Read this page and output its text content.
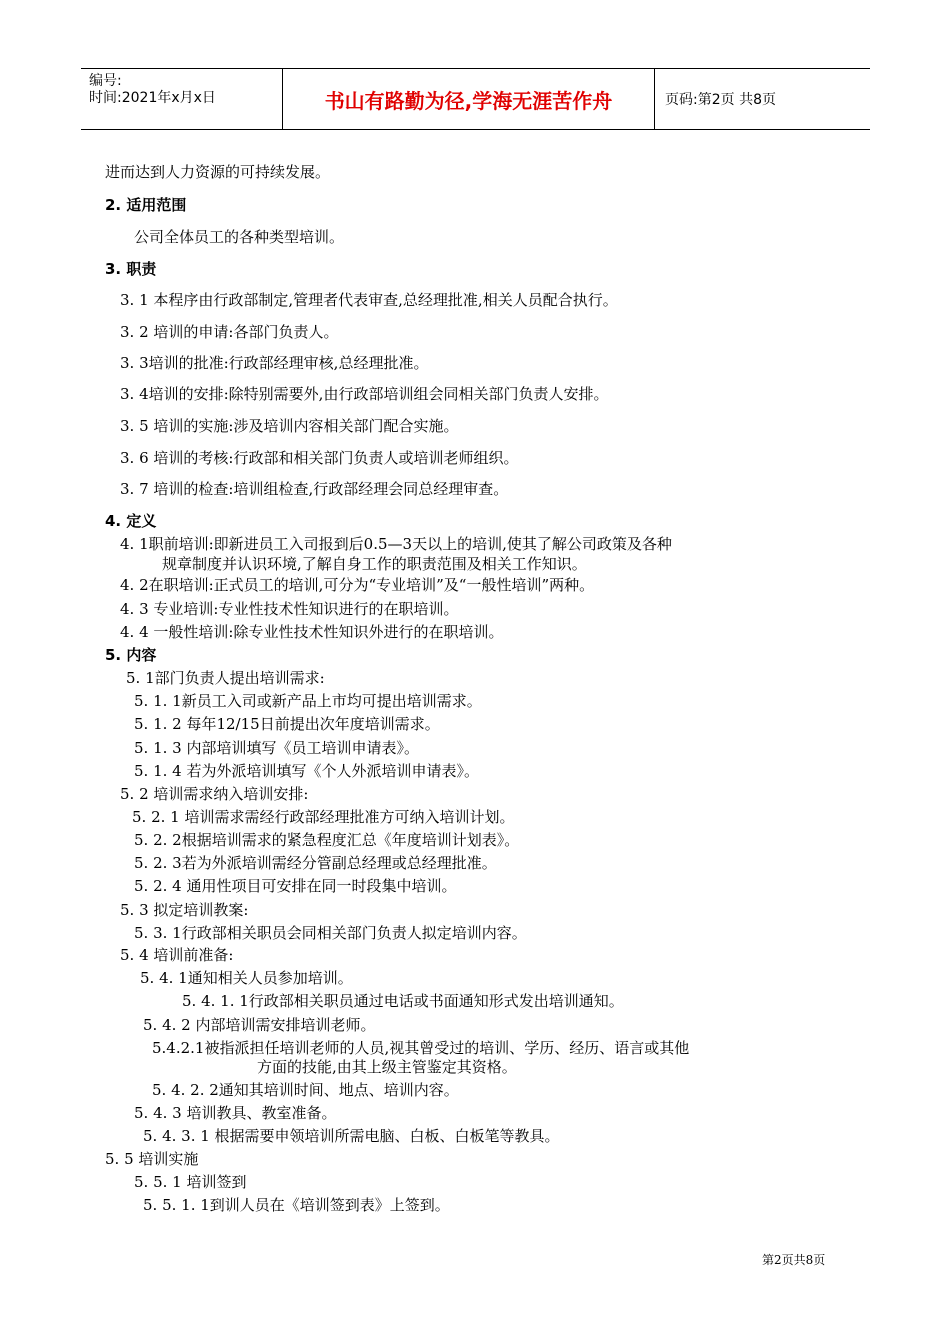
编号:
时间:2021年x月x日	书山有路勤为径,学海无涯苦作舟	页码:第2页 共8页
进而达到人力资源的可持续发展。
2. 适用范围
公司全体员工的各种类型培训。
3. 职责
3. 1 本程序由行政部制定,管理者代表审查,总经理批准,相关人员配合执行。
3. 2 培训的申请:各部门负责人。
3. 3培训的批准:行政部经理审核,总经理批准。
3. 4培训的安排:除特别需要外,由行政部培训组会同相关部门负责人安排。
3. 5 培训的实施:涉及培训内容相关部门配合实施。
3. 6 培训的考核:行政部和相关部门负责人或培训老师组织。
3. 7 培训的检查:培训组检查,行政部经理会同总经理审查。
4. 定义
4. 1职前培训:即新进员工入司报到后0.5—3天以上的培训,使其了解公司政策及各种
规章制度并认识环境,了解自身工作的职责范围及相关工作知识。
4. 2在职培训:正式员工的培训,可分为“专业培训”及“一般性培训”两种。
4. 3 专业培训:专业性技术性知识进行的在职培训。
4. 4 一般性培训:除专业性技术性知识外进行的在职培训。
5. 内容
5. 1部门负责人提出培训需求:
5. 1. 1新员工入司或新产品上市均可提出培训需求。
5. 1. 2 每年12/15日前提出次年度培训需求。
5. 1. 3 内部培训填写《员工培训申请表》。
5. 1. 4 若为外派培训填写《个人外派培训申请表》。
5. 2 培训需求纳入培训安排:
5. 2. 1 培训需求需经行政部经理批准方可纳入培训计划。
5. 2. 2根据培训需求的紧急程度汇总《年度培训计划表》。
5. 2. 3若为外派培训需经分管副总经理或总经理批准。
5. 2. 4 通用性项目可安排在同一时段集中培训。
5. 3 拟定培训教案:
5. 3. 1行政部相关职员会同相关部门负责人拟定培训内容。
5. 4 培训前准备:
5. 4. 1通知相关人员参加培训。
5. 4. 1. 1行政部相关职员通过电话或书面通知形式发出培训通知。
5. 4. 2 内部培训需安排培训老师。
5.4.2.1被指派担任培训老师的人员,视其曾受过的培训、学历、经历、语言或其他
方面的技能,由其上级主管鉴定其资格。
5. 4. 2. 2通知其培训时间、地点、培训内容。
5. 4. 3 培训教具、教室准备。
5. 4. 3. 1 根据需要申领培训所需电脑、白板、白板笔等教具。
5. 5 培训实施
5. 5. 1 培训签到
5. 5. 1. 1到训人员在《培训签到表》上签到。
第2页共8页
